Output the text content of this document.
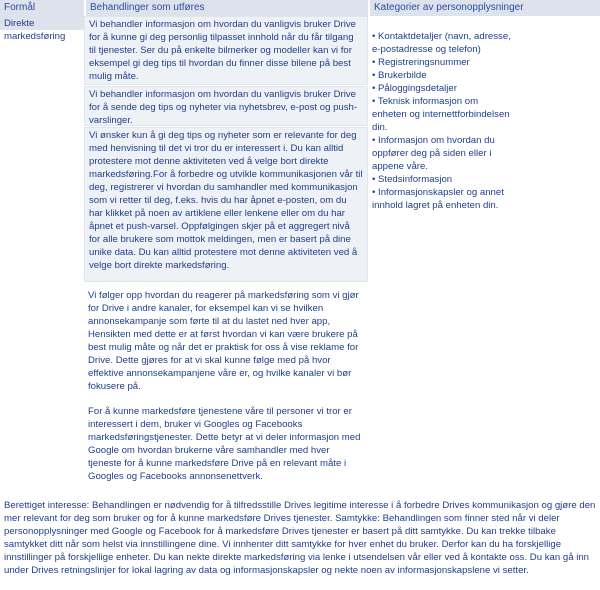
Formål	Behandlinger som utføres	Kategorier av personopplysninger
Direkte markedsføring
Vi behandler informasjon om hvordan du vanligvis bruker Drive for å kunne gi deg personlig tilpasset innhold når du får tilgang til tjenester. Ser du på enkelte bilmerker og modeller kan vi for eksempel gi deg tips til hvordan du finner disse bilene på best mulig måte.
Vi behandler informasjon om hvordan du vanligvis bruker Drive for å sende deg tips og nyheter via nyhetsbrev, e-post og push-varslinger.
Vi ønsker kun å gi deg tips og nyheter som er relevante for deg med henvisning til det vi tror du er interessert i. Du kan alltid protestere mot denne aktiviteten ved å velge bort direkte markedsføring.For å forbedre og utvikle kommunikasjonen vår til deg, registrerer vi hvordan du samhandler med kommunikasjon som vi retter til deg, f.eks. hvis du har åpnet e-posten, om du har klikket på noen av artiklene eller lenkene eller om du har åpnet et push-varsel. Oppfølgingen skjer på et aggregert nivå for alle brukere som mottok meldingen, men er basert på dine unike data. Du kan alltid protestere mot denne aktiviteten ved å velge bort direkte markedsføring.
Vi følger opp hvordan du reagerer på markedsføring som vi gjør for Drive i andre kanaler, for eksempel kan vi se hvilken annonsekampanje som førte til at du lastet ned hver app, Hensikten med dette er at først hvordan vi kan være brukere på best mulig måte og når det er praktisk for oss å vise reklame for Drive. Dette gjøres for at vi skal kunne følge med på hvor effektive annonsekampanjene våre er, og hvilke kanaler vi bør fokusere på.
For å kunne markedsføre tjenestene våre til personer vi tror er interessert i dem, bruker vi Googles og Facebooks markedsføringstjenester. Dette betyr at vi deler informasjon med Google om hvordan brukerne våre samhandler med hver tjeneste for å kunne markedsføre Drive på en relevant måte i Googles og Facebooks annonsenettverk.
• Kontaktdetaljer (navn, adresse, e-postadresse og telefon)
• Registreringsnummer
• Brukerbilde
• Påloggingsdetaljer
• Teknisk informasjon om enheten og internettforbindelsen din.
• Informasjon om hvordan du oppfører deg på siden eller i appene våre.
• Stedsinformasjon
• Informasjonskapsler og annet innhold lagret på enheten din.
Berettiget interesse: Behandlingen er nødvendig for å tilfredsstille Drives legitime interesse i å forbedre Drives kommunikasjon og gjøre den mer relevant for deg som bruker og for å kunne markedsføre Drives tjenester. Samtykke: Behandlingen som finner sted når vi deler personopplysninger med Google og Facebook for å markedsføre Drives tjenester er basert på ditt samtykke. Du kan trekke tilbake samtykket ditt når som helst via innstillingene dine. Vi innhenter ditt samtykke for hver enhet du bruker. Derfor kan du ha forskjellige innstillinger på forskjellige enheter. Du kan nekte direkte markedsføring via lenke i utsendelsen vår eller ved å kontakte oss. Du kan gå inn under Drives retningslinjer for lokal lagring av data og informasjonskapsler og nekte noen av informasjonskapslene vi setter.
